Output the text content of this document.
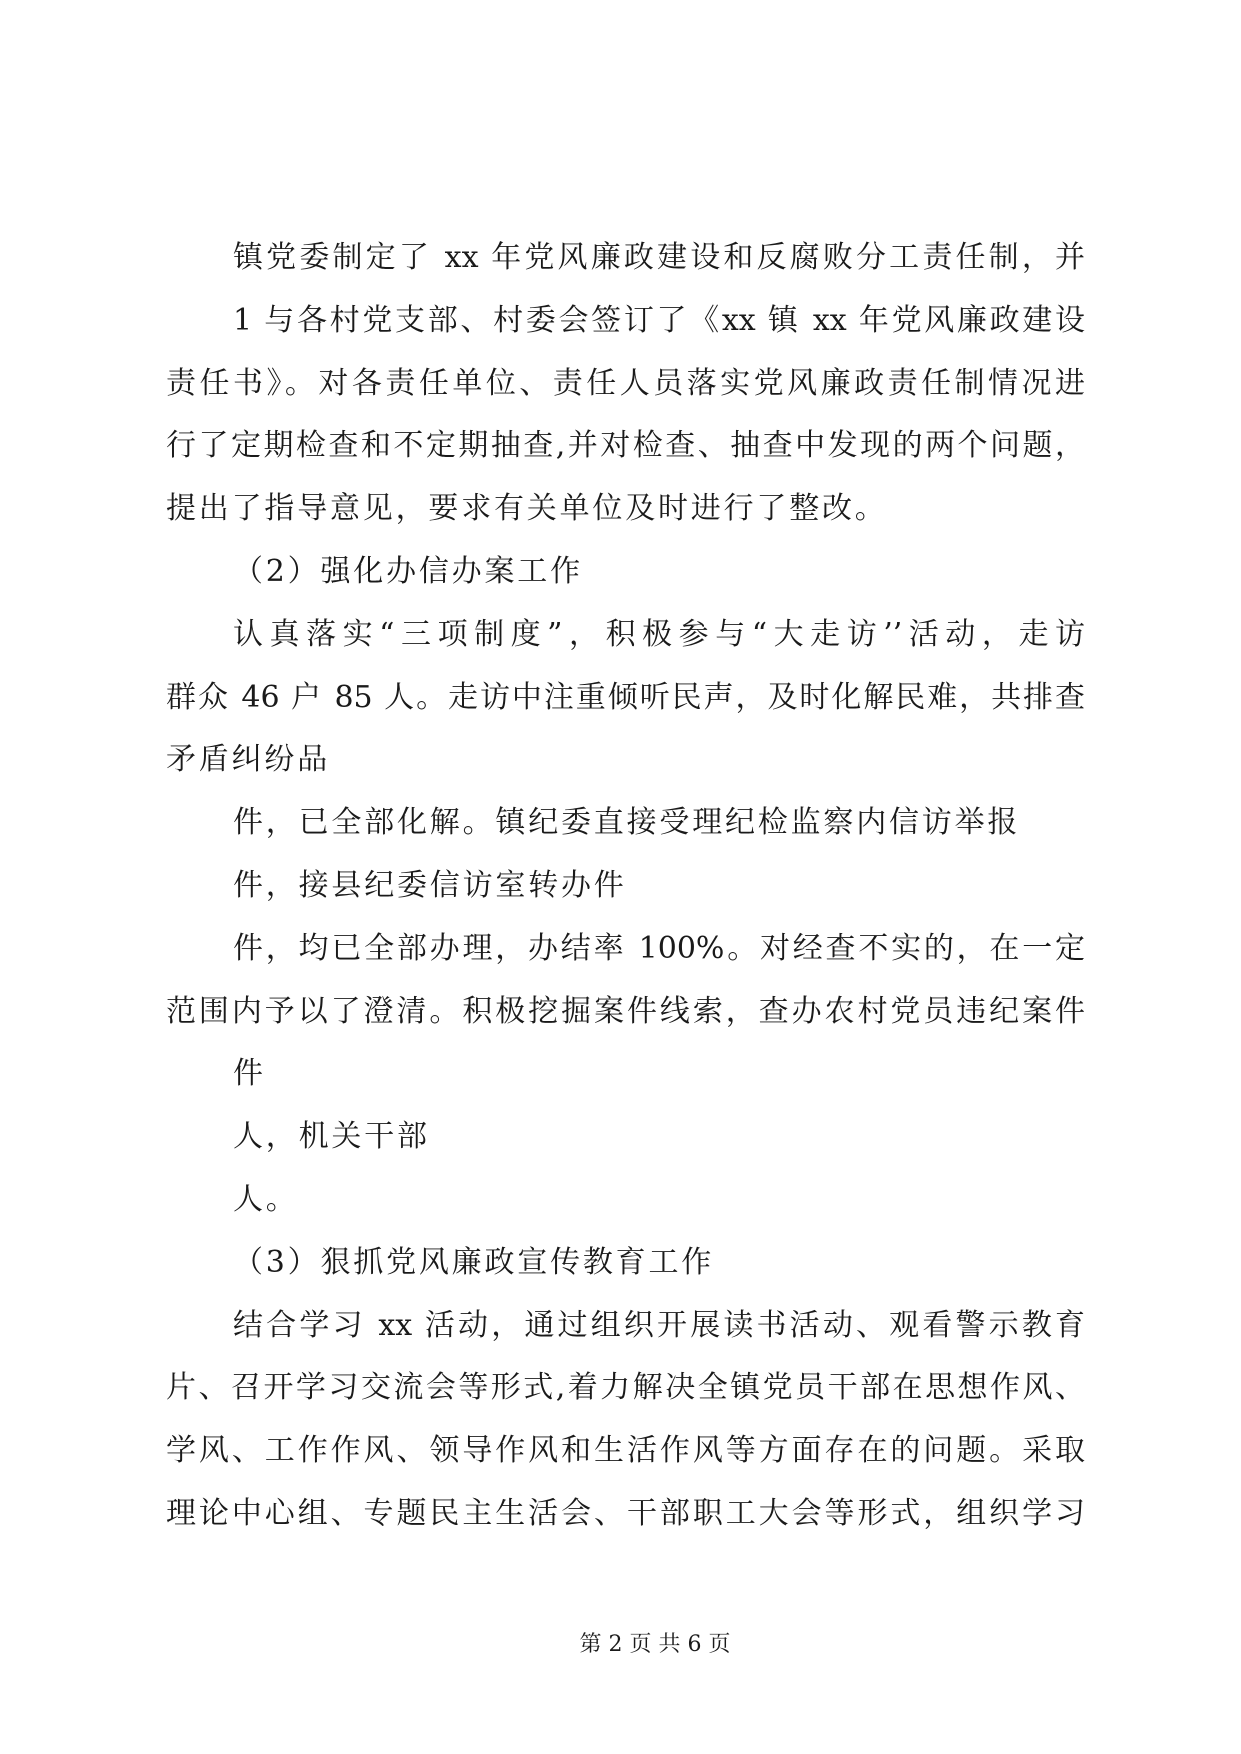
镇党委制定了 xx 年党风廉政建设和反腐败分工责任制，并
1 与各村党支部、村委会签订了《xx 镇 xx 年党风廉政建设
责任书》。对各责任单位、责任人员落实党风廉政责任制情况进
行了定期检查和不定期抽查,并对检查、抽查中发现的两个问题，
提出了指导意见，要求有关单位及时进行了整改。
（2）强化办信办案工作
认真落实“三项制度”，积极参与“大走访’’活动，走访
群众 46 户 85 人。走访中注重倾听民声，及时化解民难，共排查
矛盾纠纷品
件，已全部化解。镇纪委直接受理纪检监察内信访举报
件，接县纪委信访室转办件
件，均已全部办理，办结率 100%。对经查不实的，在一定
范围内予以了澄清。积极挖掘案件线索，查办农村党员违纪案件
件
人，机关干部
人。
（3）狠抓党风廉政宣传教育工作
结合学习 xx 活动，通过组织开展读书活动、观看警示教育
片、召开学习交流会等形式,着力解决全镇党员干部在思想作风、
学风、工作作风、领导作风和生活作风等方面存在的问题。采取
理论中心组、专题民主生活会、干部职工大会等形式，组织学习
第 2 页 共 6 页
